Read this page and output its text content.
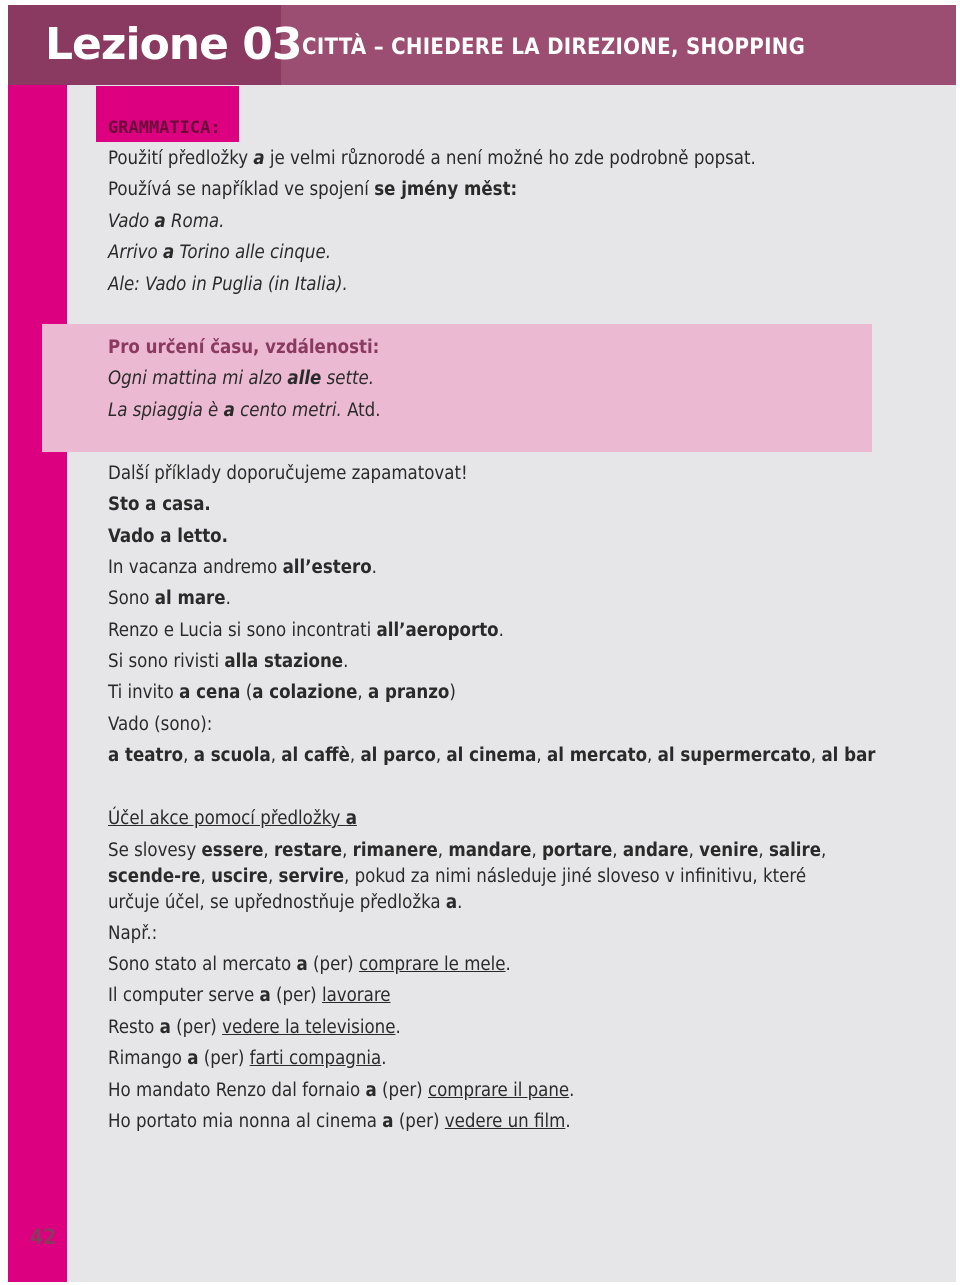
Lezione 03 CITTÀ – CHIEDERE LA DIREZIONE, SHOPPING
GRAMMATICA:
Použití předložky a je velmi různorodé a není možné ho zde podrobně popsat.
Používá se například ve spojení se jmény měst:
Vado a Roma.
Arrivo a Torino alle cinque.
Ale: Vado in Puglia (in Italia).
Pro určení času, vzdálenosti:
Ogni mattina mi alzo alle sette.
La spiaggia è a cento metri. Atd.
Další příklady doporučujeme zapamatovat!
Sto a casa.
Vado a letto.
In vacanza andremo all’estero.
Sono al mare.
Renzo e Lucia si sono incontrati all’aeroporto.
Si sono rivisti alla stazione.
Ti invito a cena (a colazione, a pranzo)
Vado (sono):
a teatro, a scuola, al caffè, al parco, al cinema, al mercato, al supermercato, al bar
Účel akce pomocí předložky a
Se slovesy essere, restare, rimanere, mandare, portare, andare, venire, salire, scende-re, uscire, servire, pokud za nimi následuje jiné sloveso v infinitivu, které určuje účel, se upřednostňuje předložka a.
Např.:
Sono stato al mercato a (per) comprare le mele.
Il computer serve a (per) lavorare
Resto a (per) vedere la televisione.
Rimango a (per) farti compagnia.
Ho mandato Renzo dal fornaio a (per) comprare il pane.
Ho portato mia nonna al cinema a (per) vedere un film.
42
